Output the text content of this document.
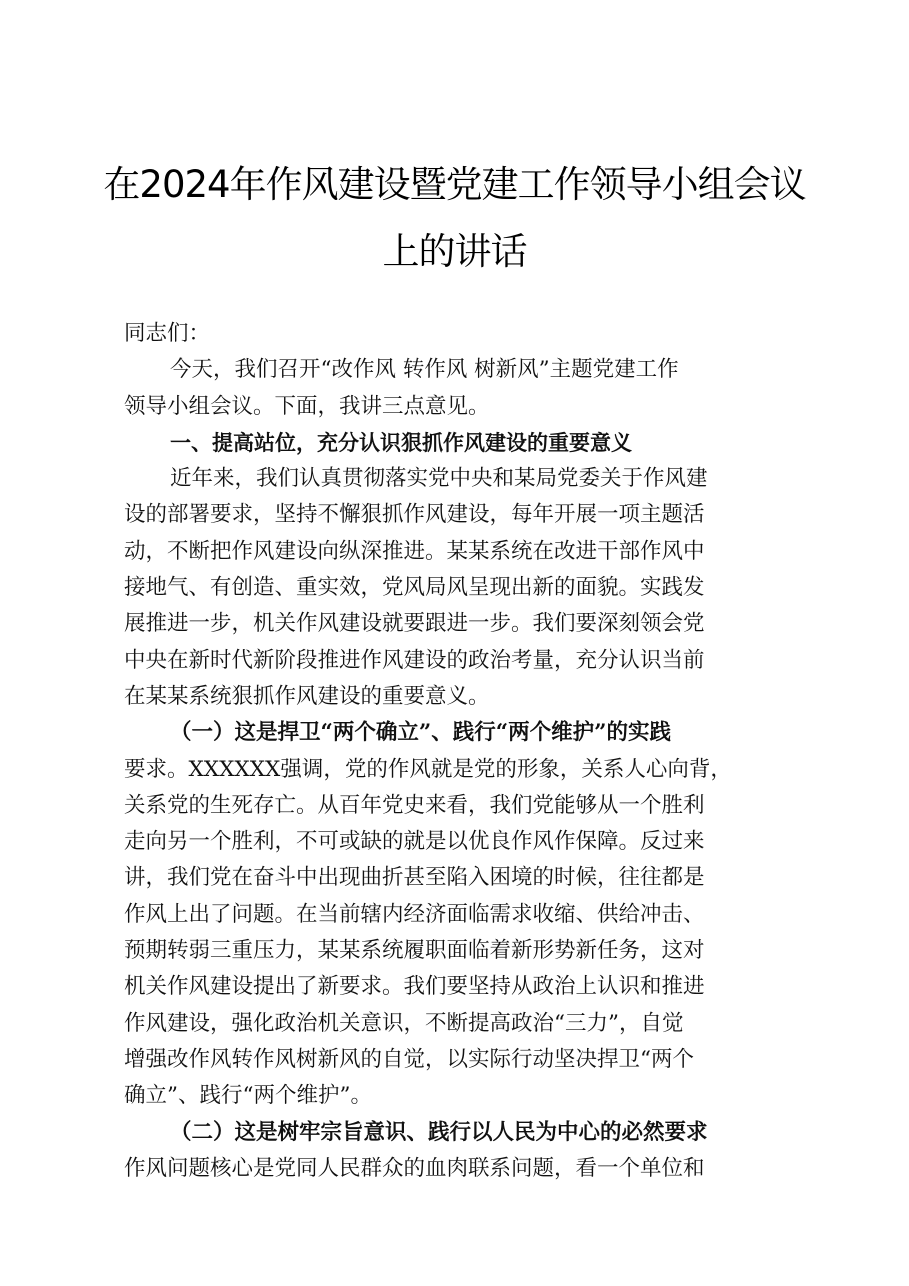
在2024年作风建设暨党建工作领导小组会议
上的讲话
同志们：
今天，我们召开“改作风 转作风 树新风”主题党建工作
领导小组会议。下面，我讲三点意见。
一、提高站位，充分认识狠抓作风建设的重要意义
近年来，我们认真贯彻落实党中央和某局党委关于作风建
设的部署要求，坚持不懈狠抓作风建设，每年开展一项主题活
动，不断把作风建设向纵深推进。某某系统在改进干部作风中
接地气、有创造、重实效，党风局风呈现出新的面貌。实践发
展推进一步，机关作风建设就要跟进一步。我们要深刻领会党
中央在新时代新阶段推进作风建设的政治考量，充分认识当前
在某某系统狠抓作风建设的重要意义。
（一）这是捍卫“两个确立”、践行“两个维护”的实践
要求。XXXXXX强调，党的作风就是党的形象，关系人心向背，
关系党的生死存亡。从百年党史来看，我们党能够从一个胜利
走向另一个胜利，不可或缺的就是以优良作风作保障。反过来
讲，我们党在奋斗中出现曲折甚至陷入困境的时候，往往都是
作风上出了问题。在当前辖内经济面临需求收缩、供给冲击、
预期转弱三重压力，某某系统履职面临着新形势新任务，这对
机关作风建设提出了新要求。我们要坚持从政治上认识和推进
作风建设，强化政治机关意识，不断提高政治“三力”，自觉
增强改作风转作风树新风的自觉，以实际行动坚决捍卫“两个
确立”、践行“两个维护”。
（二）这是树牢宗旨意识、践行以人民为中心的必然要求
作风问题核心是党同人民群众的血肉联系问题，看一个单位和
